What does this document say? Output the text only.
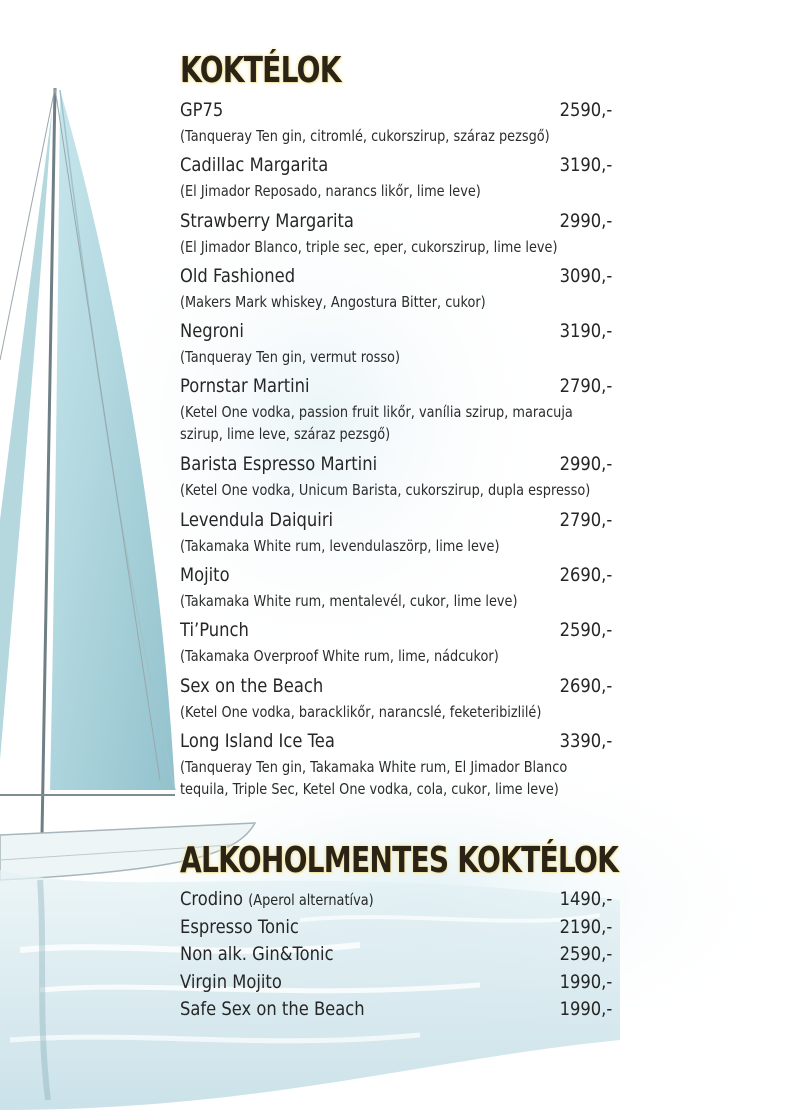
KOKTÉLOK
GP75	2590,-
(Tanqueray Ten gin, citromlé, cukorszirup, száraz pezsgő)
Cadillac Margarita	3190,-
(El Jimador Reposado, narancs likőr, lime leve)
Strawberry Margarita	2990,-
(El Jimador Blanco, triple sec, eper, cukorszirup, lime leve)
Old Fashioned	3090,-
(Makers Mark whiskey, Angostura Bitter, cukor)
Negroni	3190,-
(Tanqueray Ten gin, vermut rosso)
Pornstar Martini	2790,-
(Ketel One vodka, passion fruit likőr, vanília szirup, maracuja szirup, lime leve, száraz pezsgő)
Barista Espresso Martini	2990,-
(Ketel One vodka, Unicum Barista, cukorszirup, dupla espresso)
Levendula Daiquiri	2790,-
(Takamaka White rum, levendulaszörp, lime leve)
Mojito	2690,-
(Takamaka White rum, mentalevél, cukor, lime leve)
Ti’Punch	2590,-
(Takamaka Overproof White rum, lime, nádcukor)
Sex on the Beach	2690,-
(Ketel One vodka, baracklikőr, narancslé, feketeribizlilé)
Long Island Ice Tea	3390,-
(Tanqueray Ten gin, Takamaka White rum, El Jimador Blanco tequila, Triple Sec, Ketel One vodka, cola, cukor, lime leve)
ALKOHOLMENTES KOKTÉLOK
Crodino (Aperol alternatíva)	1490,-
Espresso Tonic	2190,-
Non alk. Gin&Tonic	2590,-
Virgin Mojito	1990,-
Safe Sex on the Beach	1990,-
